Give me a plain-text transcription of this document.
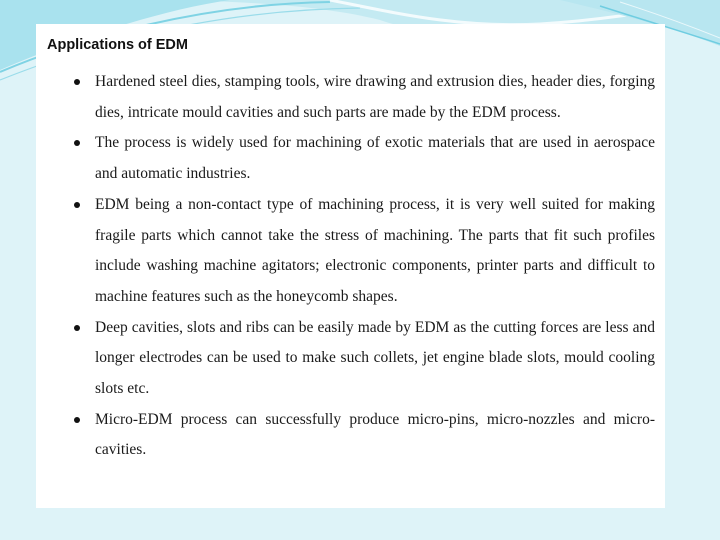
Applications of EDM
Hardened steel dies, stamping tools, wire drawing and extrusion dies, header dies, forging dies, intricate mould cavities and such parts are made by the EDM process.
The process is widely used for machining of exotic materials that are used in aerospace and automatic industries.
EDM being a non-contact type of machining process, it is very well suited for making fragile parts which cannot take the stress of machining. The parts that fit such profiles include washing machine agitators; electronic components, printer parts and difficult to machine features such as the honeycomb shapes.
Deep cavities, slots and ribs can be easily made by EDM as the cutting forces are less and longer electrodes can be used to make such collets, jet engine blade slots, mould cooling slots etc.
Micro-EDM process can successfully produce micro-pins, micro-nozzles and micro-cavities.
